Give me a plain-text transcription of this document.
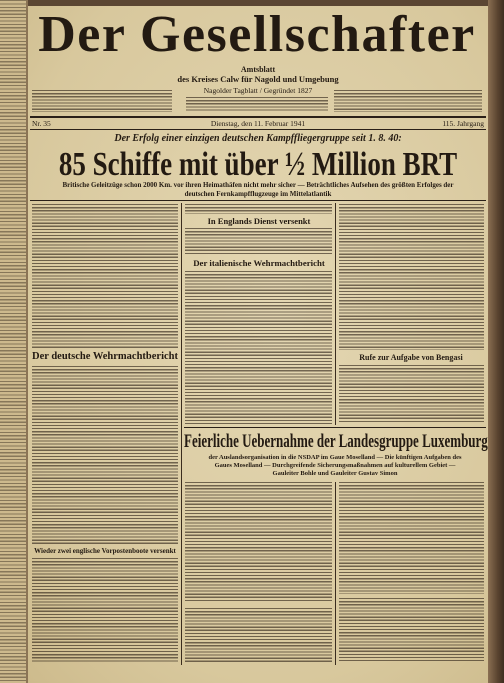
Der Gesellschafter
Amtsblatt
des Kreises Calw für Nagold und Umgebung
Nagolder Tagblatt / Gegründet 1827
Nr. 35	Dienstag, den 11. Februar 1941	115. Jahrgang
Der Erfolg einer einzigen deutschen Kampffliegergruppe seit 1. 8. 40:
85 Schiffe mit über ½ Million BRT
Britische Geleitzüge schon 2000 Km. vor ihren Heimathäfen nicht mehr sicher — Beträchtliches Aufsehen des größten Erfolges der
deutschen Fernkampfflugzeuge im Mittelatlantik
Der deutsche Wehrmachtbericht
Wieder zwei englische Vorpostenboote versenkt
In Englands Dienst versenkt
Der italienische Wehrmachtbericht
Rufe zur Aufgabe von Bengasi
Feierliche Uebernahme der Landesgruppe Luxemburg
der Auslandsorganisation in die NSDAP im Gaue Moselland — Die künftigen Aufgaben des
Gaues Moselland — Durchgreifende Sicherungsmaßnahmen auf kulturellem Gebiet —
Gauleiter Bohle und Gauleiter Gustav Simon
